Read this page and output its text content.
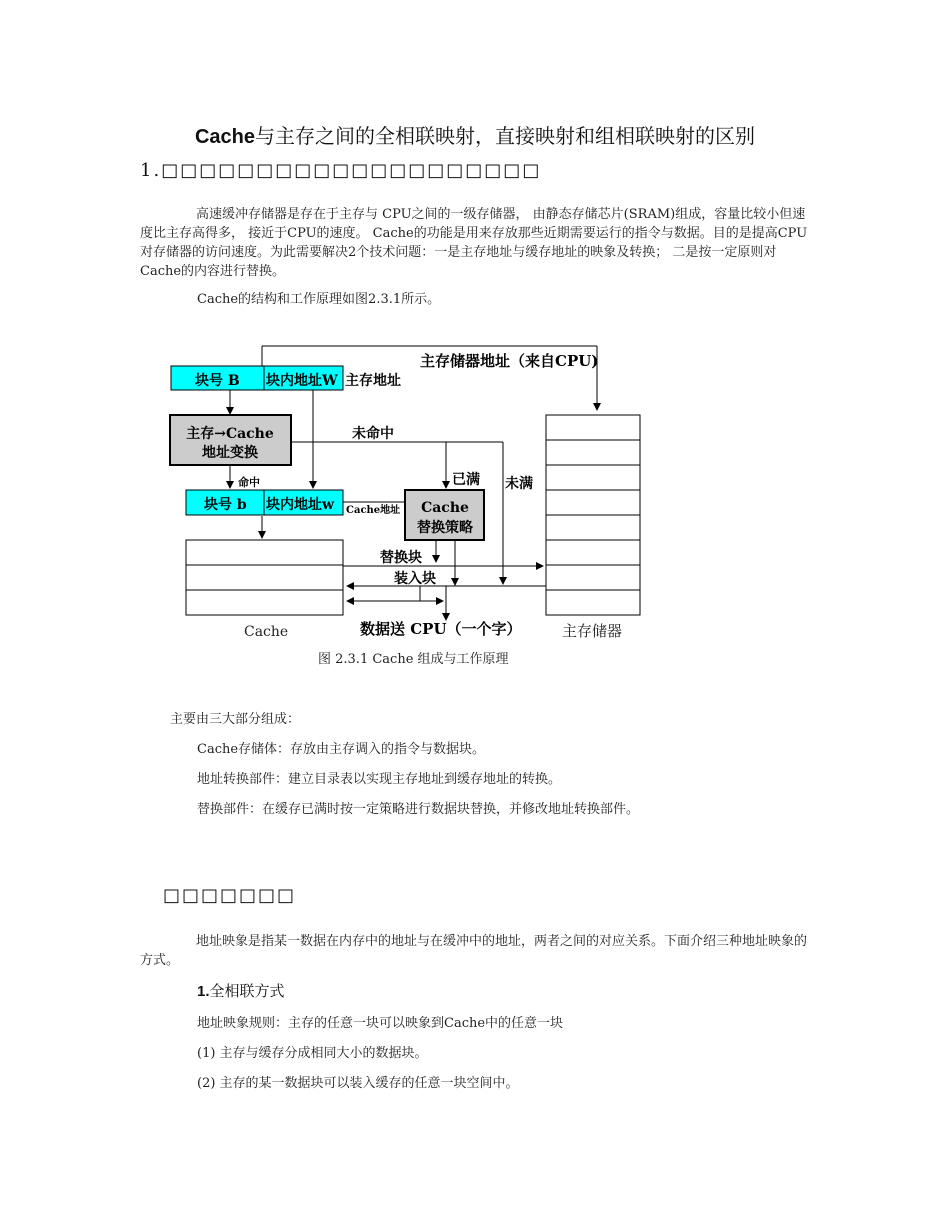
Cache与主存之间的全相联映射，直接映射和组相联映射的区别
1.□□□□□□□□□□□□□□□□□□□□
高速缓冲存储器是存在于主存与 CPU之间的一级存储器， 由静态存储芯片(SRAM)组成，容量比较小但速度比主存高得多， 接近于CPU的速度。 Cache的功能是用来存放那些近期需要运行的指令与数据。目的是提高CPU对存储器的访问速度。为此需要解决2个技术问题：一是主存地址与缓存地址的映象及转换； 二是按一定原则对Cache的内容进行替换。
Cache的结构和工作原理如图2.3.1所示。
主存储器地址（来自CPU)
块号 B 块内地址W 主存地址
主存→Cache
地址变换
未命中
命中	已满 未满
块号 b 块内地址w Cache地址 Cache
替换策略
替换块
装入块
数据送 CPU（一个字）
Cache	主存储器
图 2.3.1 Cache 组成与工作原理
主要由三大部分组成：
Cache存储体：存放由主存调入的指令与数据块。
地址转换部件：建立目录表以实现主存地址到缓存地址的转换。
替换部件：在缓存已满时按一定策略进行数据块替换，并修改地址转换部件。
□□□□□□□
地址映象是指某一数据在内存中的地址与在缓冲中的地址，两者之间的对应关系。下面介绍三种地址映象的方式。
1.全相联方式
地址映象规则：主存的任意一块可以映象到Cache中的任意一块
(1) 主存与缓存分成相同大小的数据块。
(2) 主存的某一数据块可以装入缓存的任意一块空间中。
